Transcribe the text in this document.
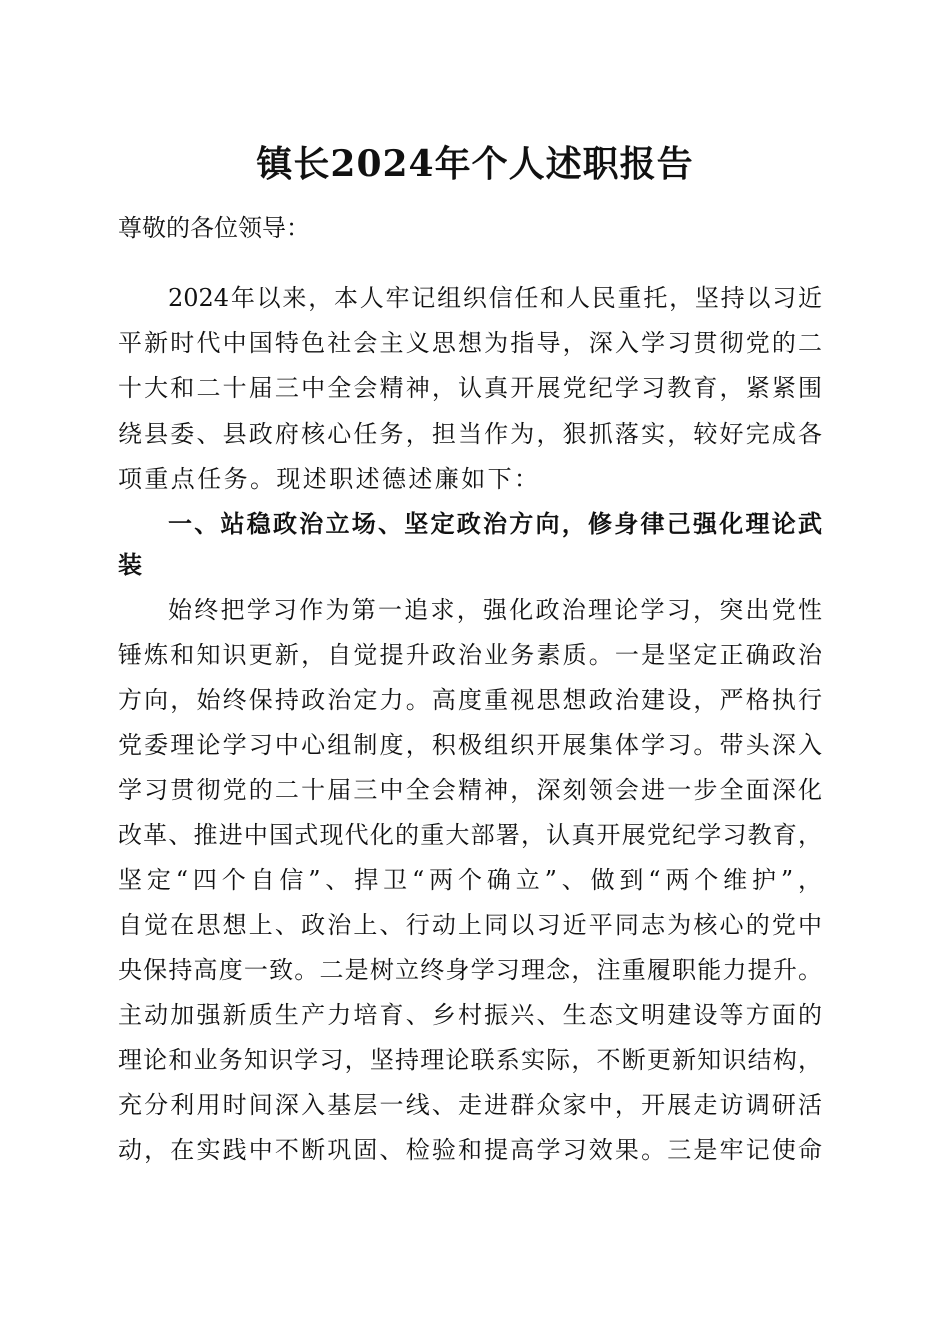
镇长2024年个人述职报告
尊敬的各位领导：
2024年以来，本人牢记组织信任和人民重托，坚持以习近
平新时代中国特色社会主义思想为指导，深入学习贯彻党的二
十大和二十届三中全会精神，认真开展党纪学习教育，紧紧围
绕县委、县政府核心任务，担当作为，狠抓落实，较好完成各
项重点任务。现述职述德述廉如下：
一、站稳政治立场、坚定政治方向，修身律己强化理论武
装
始终把学习作为第一追求，强化政治理论学习，突出党性
锤炼和知识更新，自觉提升政治业务素质。一是坚定正确政治
方向，始终保持政治定力。高度重视思想政治建设，严格执行
党委理论学习中心组制度，积极组织开展集体学习。带头深入
学习贯彻党的二十届三中全会精神，深刻领会进一步全面深化
改革、推进中国式现代化的重大部署，认真开展党纪学习教育，
坚定“四个自信”、捍卫“两个确立”、做到“两个维护”，
自觉在思想上、政治上、行动上同以习近平同志为核心的党中
央保持高度一致。二是树立终身学习理念，注重履职能力提升。
主动加强新质生产力培育、乡村振兴、生态文明建设等方面的
理论和业务知识学习，坚持理论联系实际，不断更新知识结构，
充分利用时间深入基层一线、走进群众家中，开展走访调研活
动，在实践中不断巩固、检验和提高学习效果。三是牢记使命
